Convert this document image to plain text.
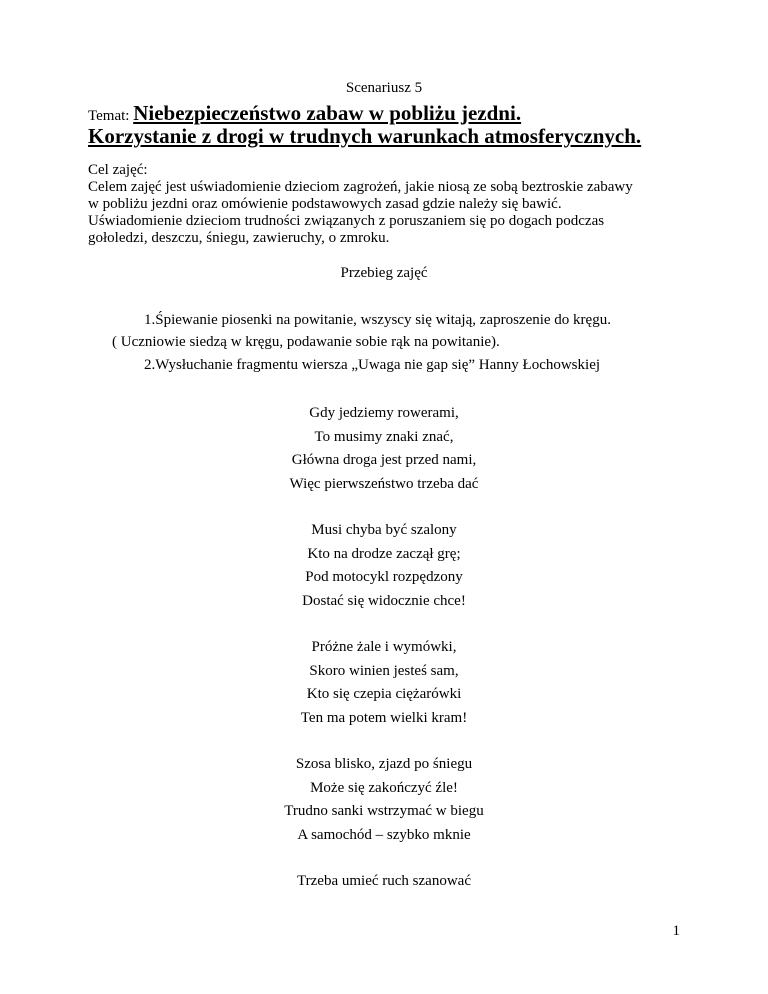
Scenariusz 5
Temat: Niebezpieczeństwo zabaw w pobliżu jezdni.
Korzystanie z drogi w trudnych warunkach atmosferycznych.
Cel zajęć:
Celem zajęć jest uświadomienie dzieciom zagrożeń, jakie niosą ze sobą beztroskie zabawy
w pobliżu jezdni oraz omówienie podstawowych zasad gdzie należy się bawić.
Uświadomienie dzieciom trudności związanych z poruszaniem się po dogach podczas
gołoledzi, deszczu, śniegu, zawieruchy, o zmroku.
Przebieg zajęć
1.Śpiewanie piosenki na powitanie, wszyscy się witają, zaproszenie do kręgu.
( Uczniowie siedzą w kręgu, podawanie sobie rąk na powitanie).
2.Wysłuchanie fragmentu wiersza „Uwaga nie gap się” Hanny Łochowskiej
Gdy jedziemy rowerami,
To musimy znaki znać,
Główna droga jest przed nami,
Więc pierwszeństwo trzeba dać
Musi chyba być szalony
Kto na drodze zaczął grę;
Pod motocykl rozpędzony
Dostać się widocznie chce!
Próżne żale i wymówki,
Skoro winien jesteś sam,
Kto się czepia ciężarówki
Ten ma potem wielki kram!
Szosa blisko, zjazd po śniegu
Może się zakończyć źle!
Trudno sanki wstrzymać w biegu
A samochód – szybko mknie
Trzeba umieć ruch szanować
1
